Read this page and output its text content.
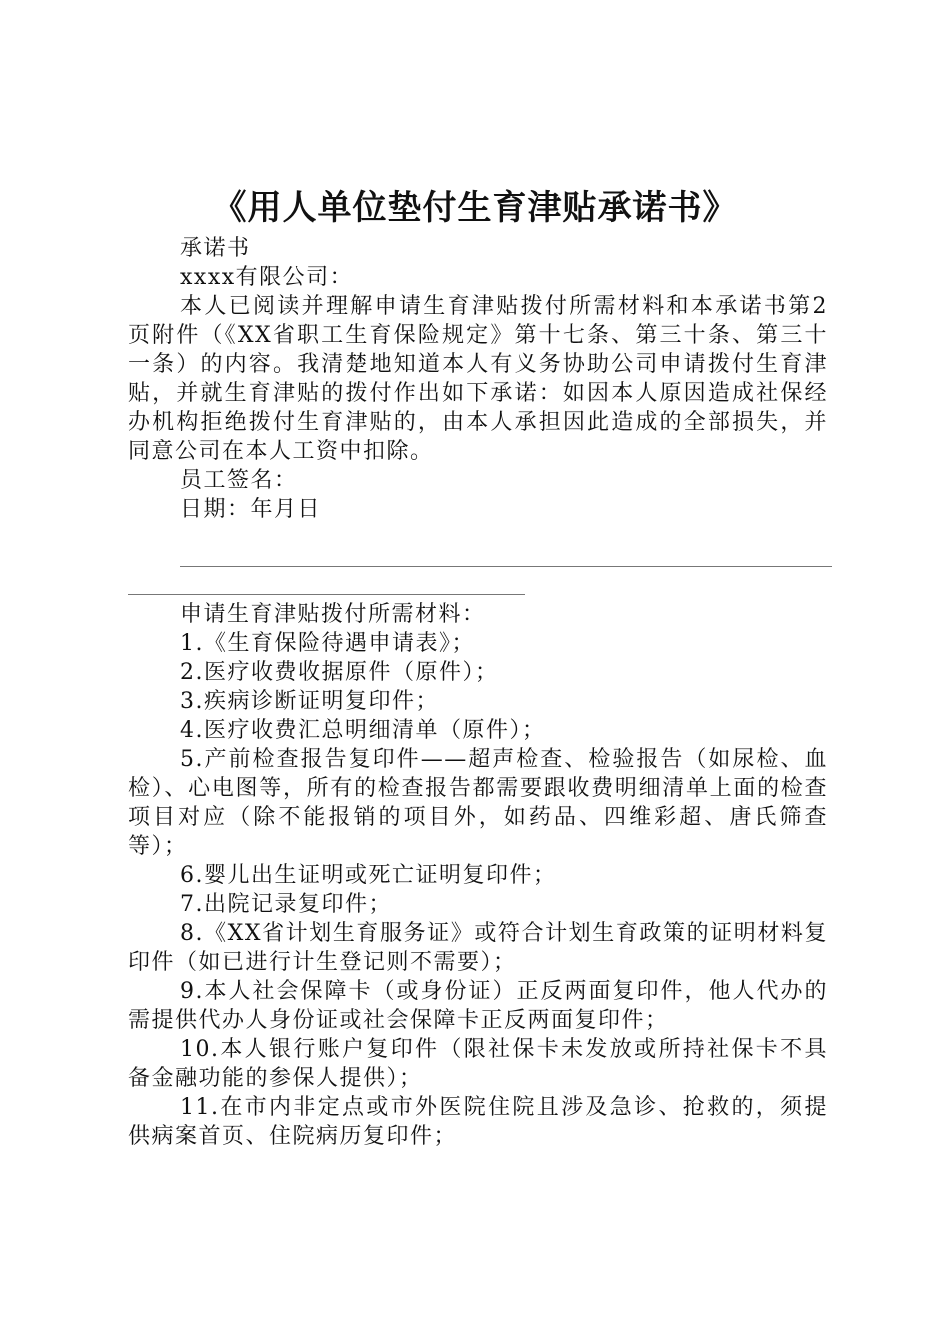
《用人单位垫付生育津贴承诺书》

承诺书

xxxx有限公司：

本人已阅读并理解申请生育津贴拨付所需材料和本承诺书第2页附件（《XX省职工生育保险规定》第十七条、第三十条、第三十一条）的内容。我清楚地知道本人有义务协助公司申请拨付生育津贴，并就生育津贴的拨付作出如下承诺：如因本人原因造成社保经办机构拒绝拨付生育津贴的，由本人承担因此造成的全部损失，并同意公司在本人工资中扣除。

员工签名：

日期：年月日

申请生育津贴拨付所需材料：

1.《生育保险待遇申请表》；

2.医疗收费收据原件（原件）；

3.疾病诊断证明复印件；

4.医疗收费汇总明细清单（原件）；

5.产前检查报告复印件——超声检查、检验报告（如尿检、血检）、心电图等，所有的检查报告都需要跟收费明细清单上面的检查项目对应（除不能报销的项目外，如药品、四维彩超、唐氏筛查等）；

6.婴儿出生证明或死亡证明复印件；

7.出院记录复印件；

8.《XX省计划生育服务证》或符合计划生育政策的证明材料复印件（如已进行计生登记则不需要）；

9.本人社会保障卡（或身份证）正反两面复印件，他人代办的需提供代办人身份证或社会保障卡正反两面复印件；

10.本人银行账户复印件（限社保卡未发放或所持社保卡不具备金融功能的参保人提供）；

11.在市内非定点或市外医院住院且涉及急诊、抢救的，须提供病案首页、住院病历复印件；
